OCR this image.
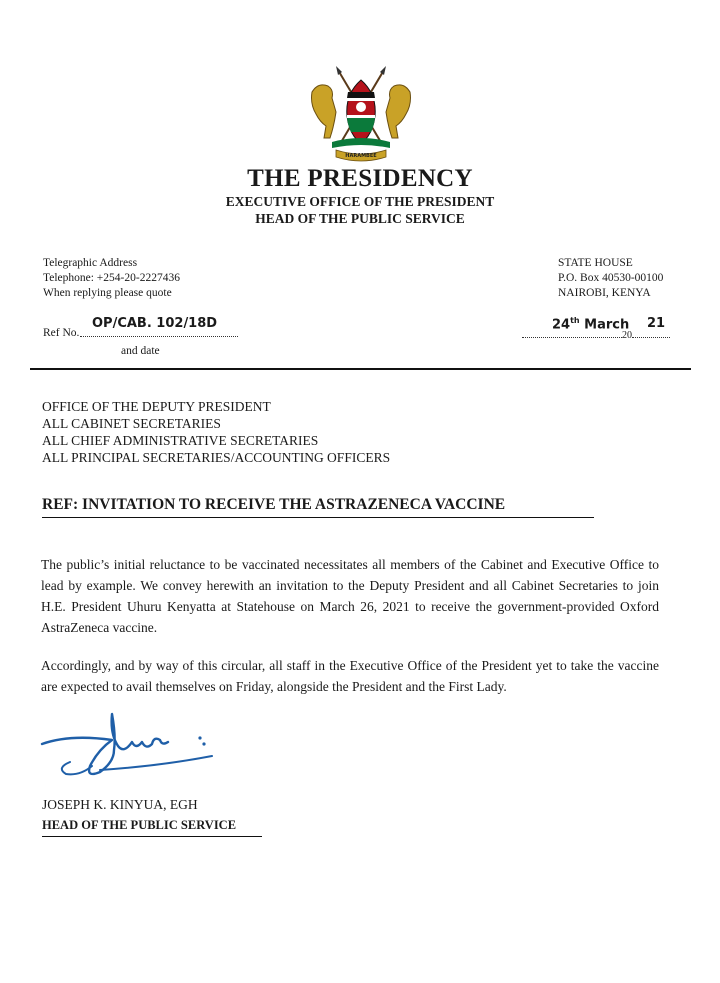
HARAMBEE
THE PRESIDENCY
EXECUTIVE OFFICE OF THE PRESIDENT
HEAD OF THE PUBLIC SERVICE
Telegraphic Address
Telephone: +254-20-2227436
When replying please quote
STATE HOUSE
P.O. Box 40530-00100
NAIROBI, KENYA
Ref No.
OP/CAB. 102/18D
and date
24th March
20
21
OFFICE OF THE DEPUTY PRESIDENT
ALL CABINET SECRETARIES
ALL CHIEF ADMINISTRATIVE SECRETARIES
ALL PRINCIPAL SECRETARIES/ACCOUNTING OFFICERS
REF: INVITATION TO RECEIVE THE ASTRAZENECA VACCINE

The public’s initial reluctance to be vaccinated necessitates all members of the Cabinet and Executive Office to lead by example. We convey herewith an invitation to the Deputy President and all Cabinet Secretaries to join H.E. President Uhuru Kenyatta at Statehouse on March 26, 2021 to receive the government-provided Oxford AstraZeneca vaccine.

Accordingly, and by way of this circular, all staff in the Executive Office of the President yet to take the vaccine are expected to avail themselves on Friday, alongside the President and the First Lady.

JOSEPH K. KINYUA, EGH
HEAD OF THE PUBLIC SERVICE
